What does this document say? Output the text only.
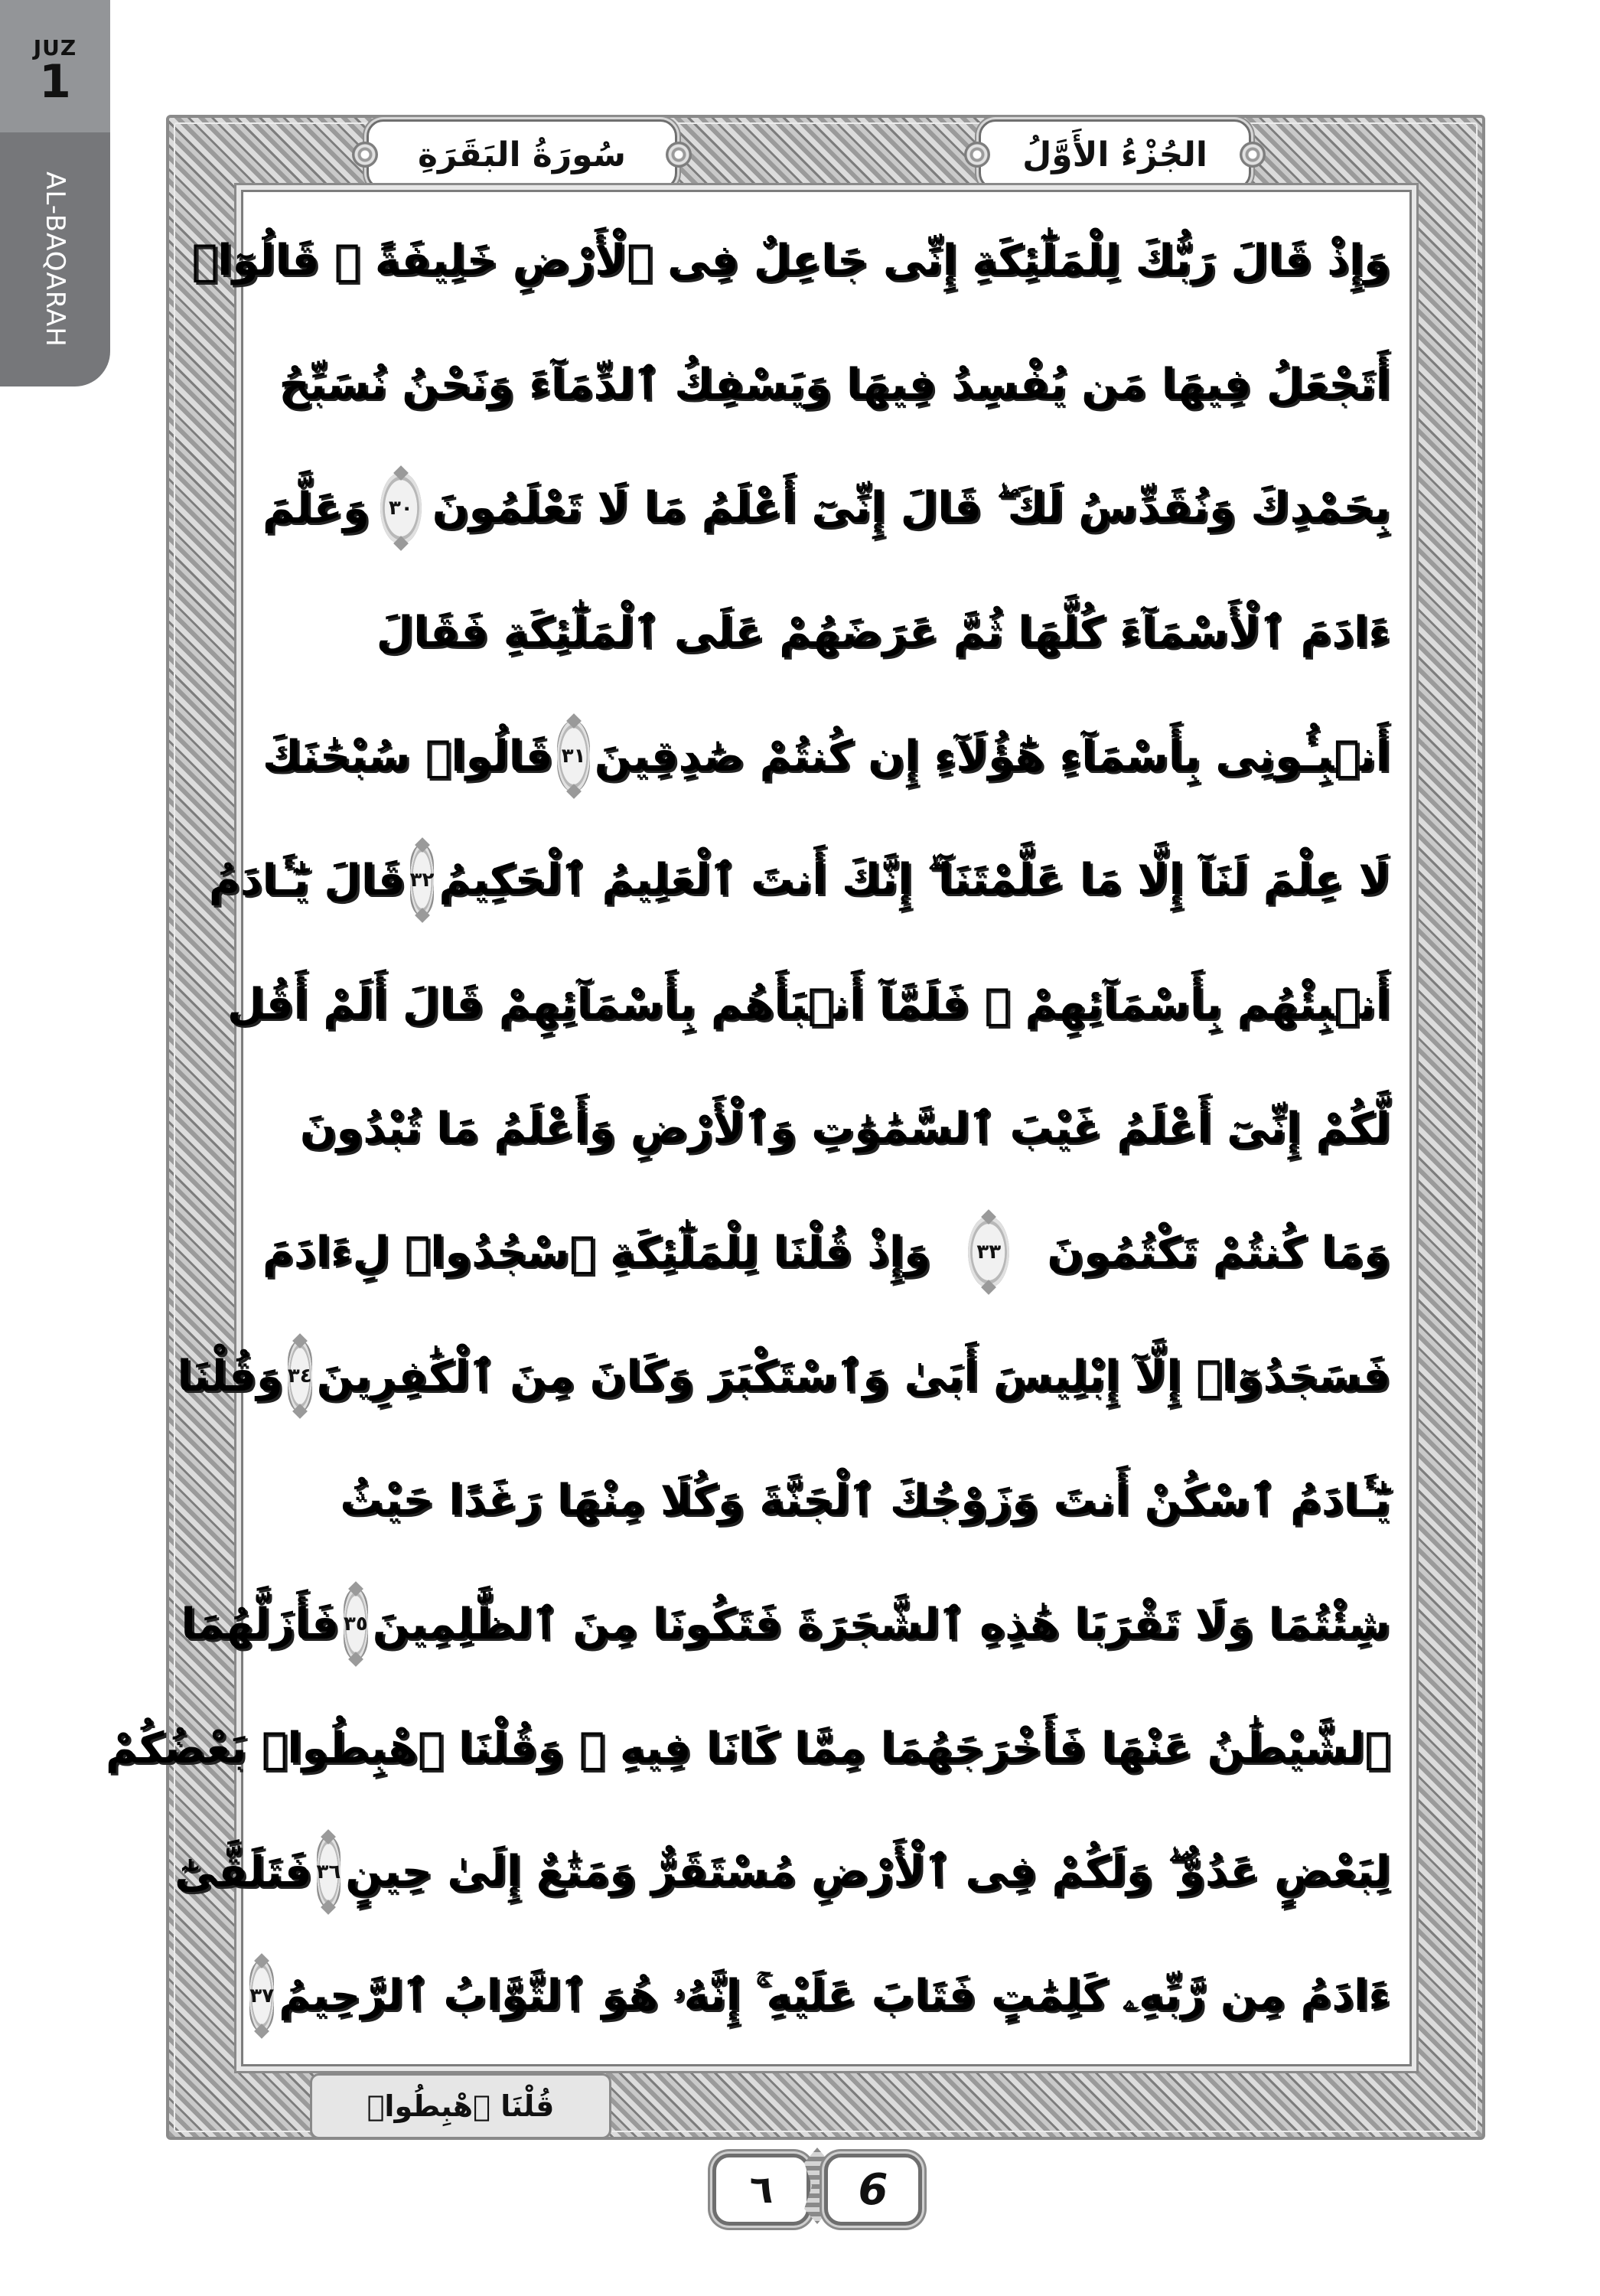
JUZ
1
AL-BAQARAH
سُورَةُ البَقَرَةِ	الجُزْءُ الأَوَّلُ
وَإِذْ قَالَ رَبُّكَ لِلْمَلَٰٓئِكَةِ إِنِّى جَاعِلٌ فِى ٱلْأَرْضِ خَلِيفَةً ۖ قَالُوٓا۟
أَتَجْعَلُ فِيهَا مَن يُفْسِدُ فِيهَا وَيَسْفِكُ ٱلدِّمَآءَ وَنَحْنُ نُسَبِّحُ
بِحَمْدِكَ وَنُقَدِّسُ لَكَ ۖ قَالَ إِنِّىٓ أَعْلَمُ مَا لَا تَعْلَمُونَ
٣٠
وَعَلَّمَ
ءَادَمَ ٱلْأَسْمَآءَ كُلَّهَا ثُمَّ عَرَضَهُمْ عَلَى ٱلْمَلَٰٓئِكَةِ فَقَالَ
أَنۢبِـُٔونِى بِأَسْمَآءِ هَٰٓؤُلَآءِ إِن كُنتُمْ صَٰدِقِينَ
٣١
قَالُوا۟ سُبْحَٰنَكَ
لَا عِلْمَ لَنَآ إِلَّا مَا عَلَّمْتَنَآ ۖ إِنَّكَ أَنتَ ٱلْعَلِيمُ ٱلْحَكِيمُ
٣٢
قَالَ يَٰٓـَٔادَمُ
أَنۢبِئْهُم بِأَسْمَآئِهِمْ ۖ فَلَمَّآ أَنۢبَأَهُم بِأَسْمَآئِهِمْ قَالَ أَلَمْ أَقُل
لَّكُمْ إِنِّىٓ أَعْلَمُ غَيْبَ ٱلسَّمَٰوَٰتِ وَٱلْأَرْضِ وَأَعْلَمُ مَا تُبْدُونَ
وَمَا كُنتُمْ تَكْتُمُونَ
٣٣
وَإِذْ قُلْنَا لِلْمَلَٰٓئِكَةِ ٱسْجُدُوا۟ لِءَادَمَ
فَسَجَدُوٓا۟ إِلَّآ إِبْلِيسَ أَبَىٰ وَٱسْتَكْبَرَ وَكَانَ مِنَ ٱلْكَٰفِرِينَ
٣٤
وَقُلْنَا
يَٰٓـَٔادَمُ ٱسْكُنْ أَنتَ وَزَوْجُكَ ٱلْجَنَّةَ وَكُلَا مِنْهَا رَغَدًا حَيْثُ
شِئْتُمَا وَلَا تَقْرَبَا هَٰذِهِ ٱلشَّجَرَةَ فَتَكُونَا مِنَ ٱلظَّٰلِمِينَ
٣٥
فَأَزَلَّهُمَا
ٱلشَّيْطَٰنُ عَنْهَا فَأَخْرَجَهُمَا مِمَّا كَانَا فِيهِ ۖ وَقُلْنَا ٱهْبِطُوا۟ بَعْضُكُمْ
لِبَعْضٍ عَدُوٌّ ۖ وَلَكُمْ فِى ٱلْأَرْضِ مُسْتَقَرٌّ وَمَتَٰعٌ إِلَىٰ حِينٍ
٣٦
فَتَلَقَّىٰٓ
ءَادَمُ مِن رَّبِّهِۦ كَلِمَٰتٍ فَتَابَ عَلَيْهِ ۚ إِنَّهُۥ هُوَ ٱلتَّوَّابُ ٱلرَّحِيمُ
٣٧
قُلْنَا ٱهْبِطُوا۟
٦ 6
